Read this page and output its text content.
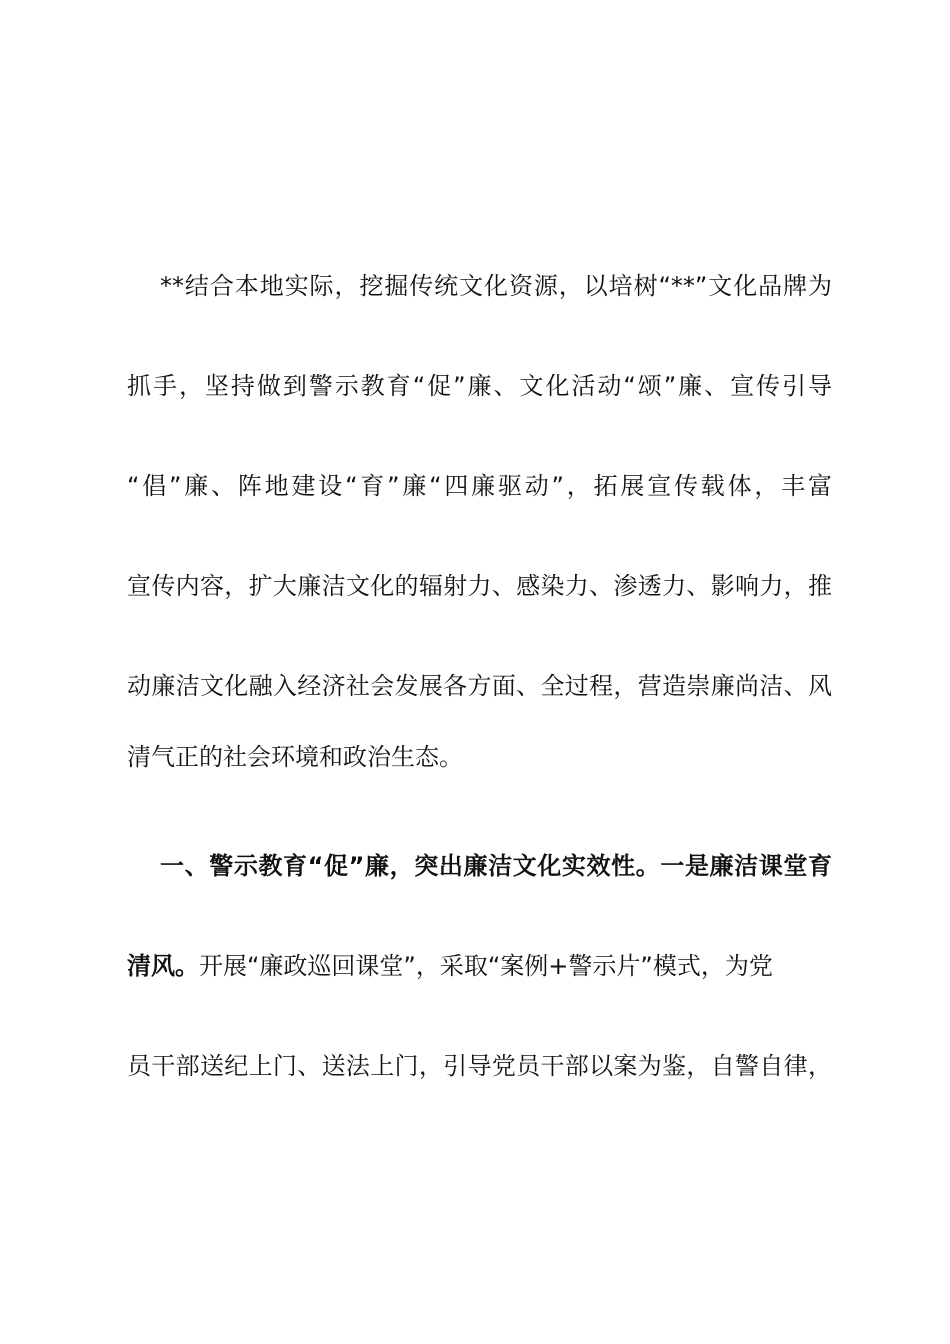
**结合本地实际，挖掘传统文化资源，以培树“**”文化品牌为
抓手，坚持做到警示教育“促”廉、文化活动“颂”廉、宣传引导
“倡”廉、阵地建设“育”廉“四廉驱动”，拓展宣传载体，丰富
宣传内容，扩大廉洁文化的辐射力、感染力、渗透力、影响力，推
动廉洁文化融入经济社会发展各方面、全过程，营造崇廉尚洁、风
清气正的社会环境和政治生态。
一、警示教育“促”廉，突出廉洁文化实效性。一是廉洁课堂育
清风。开展“廉政巡回课堂”，采取“案例+警示片”模式，为党
员干部送纪上门、送法上门，引导党员干部以案为鉴，自警自律，
